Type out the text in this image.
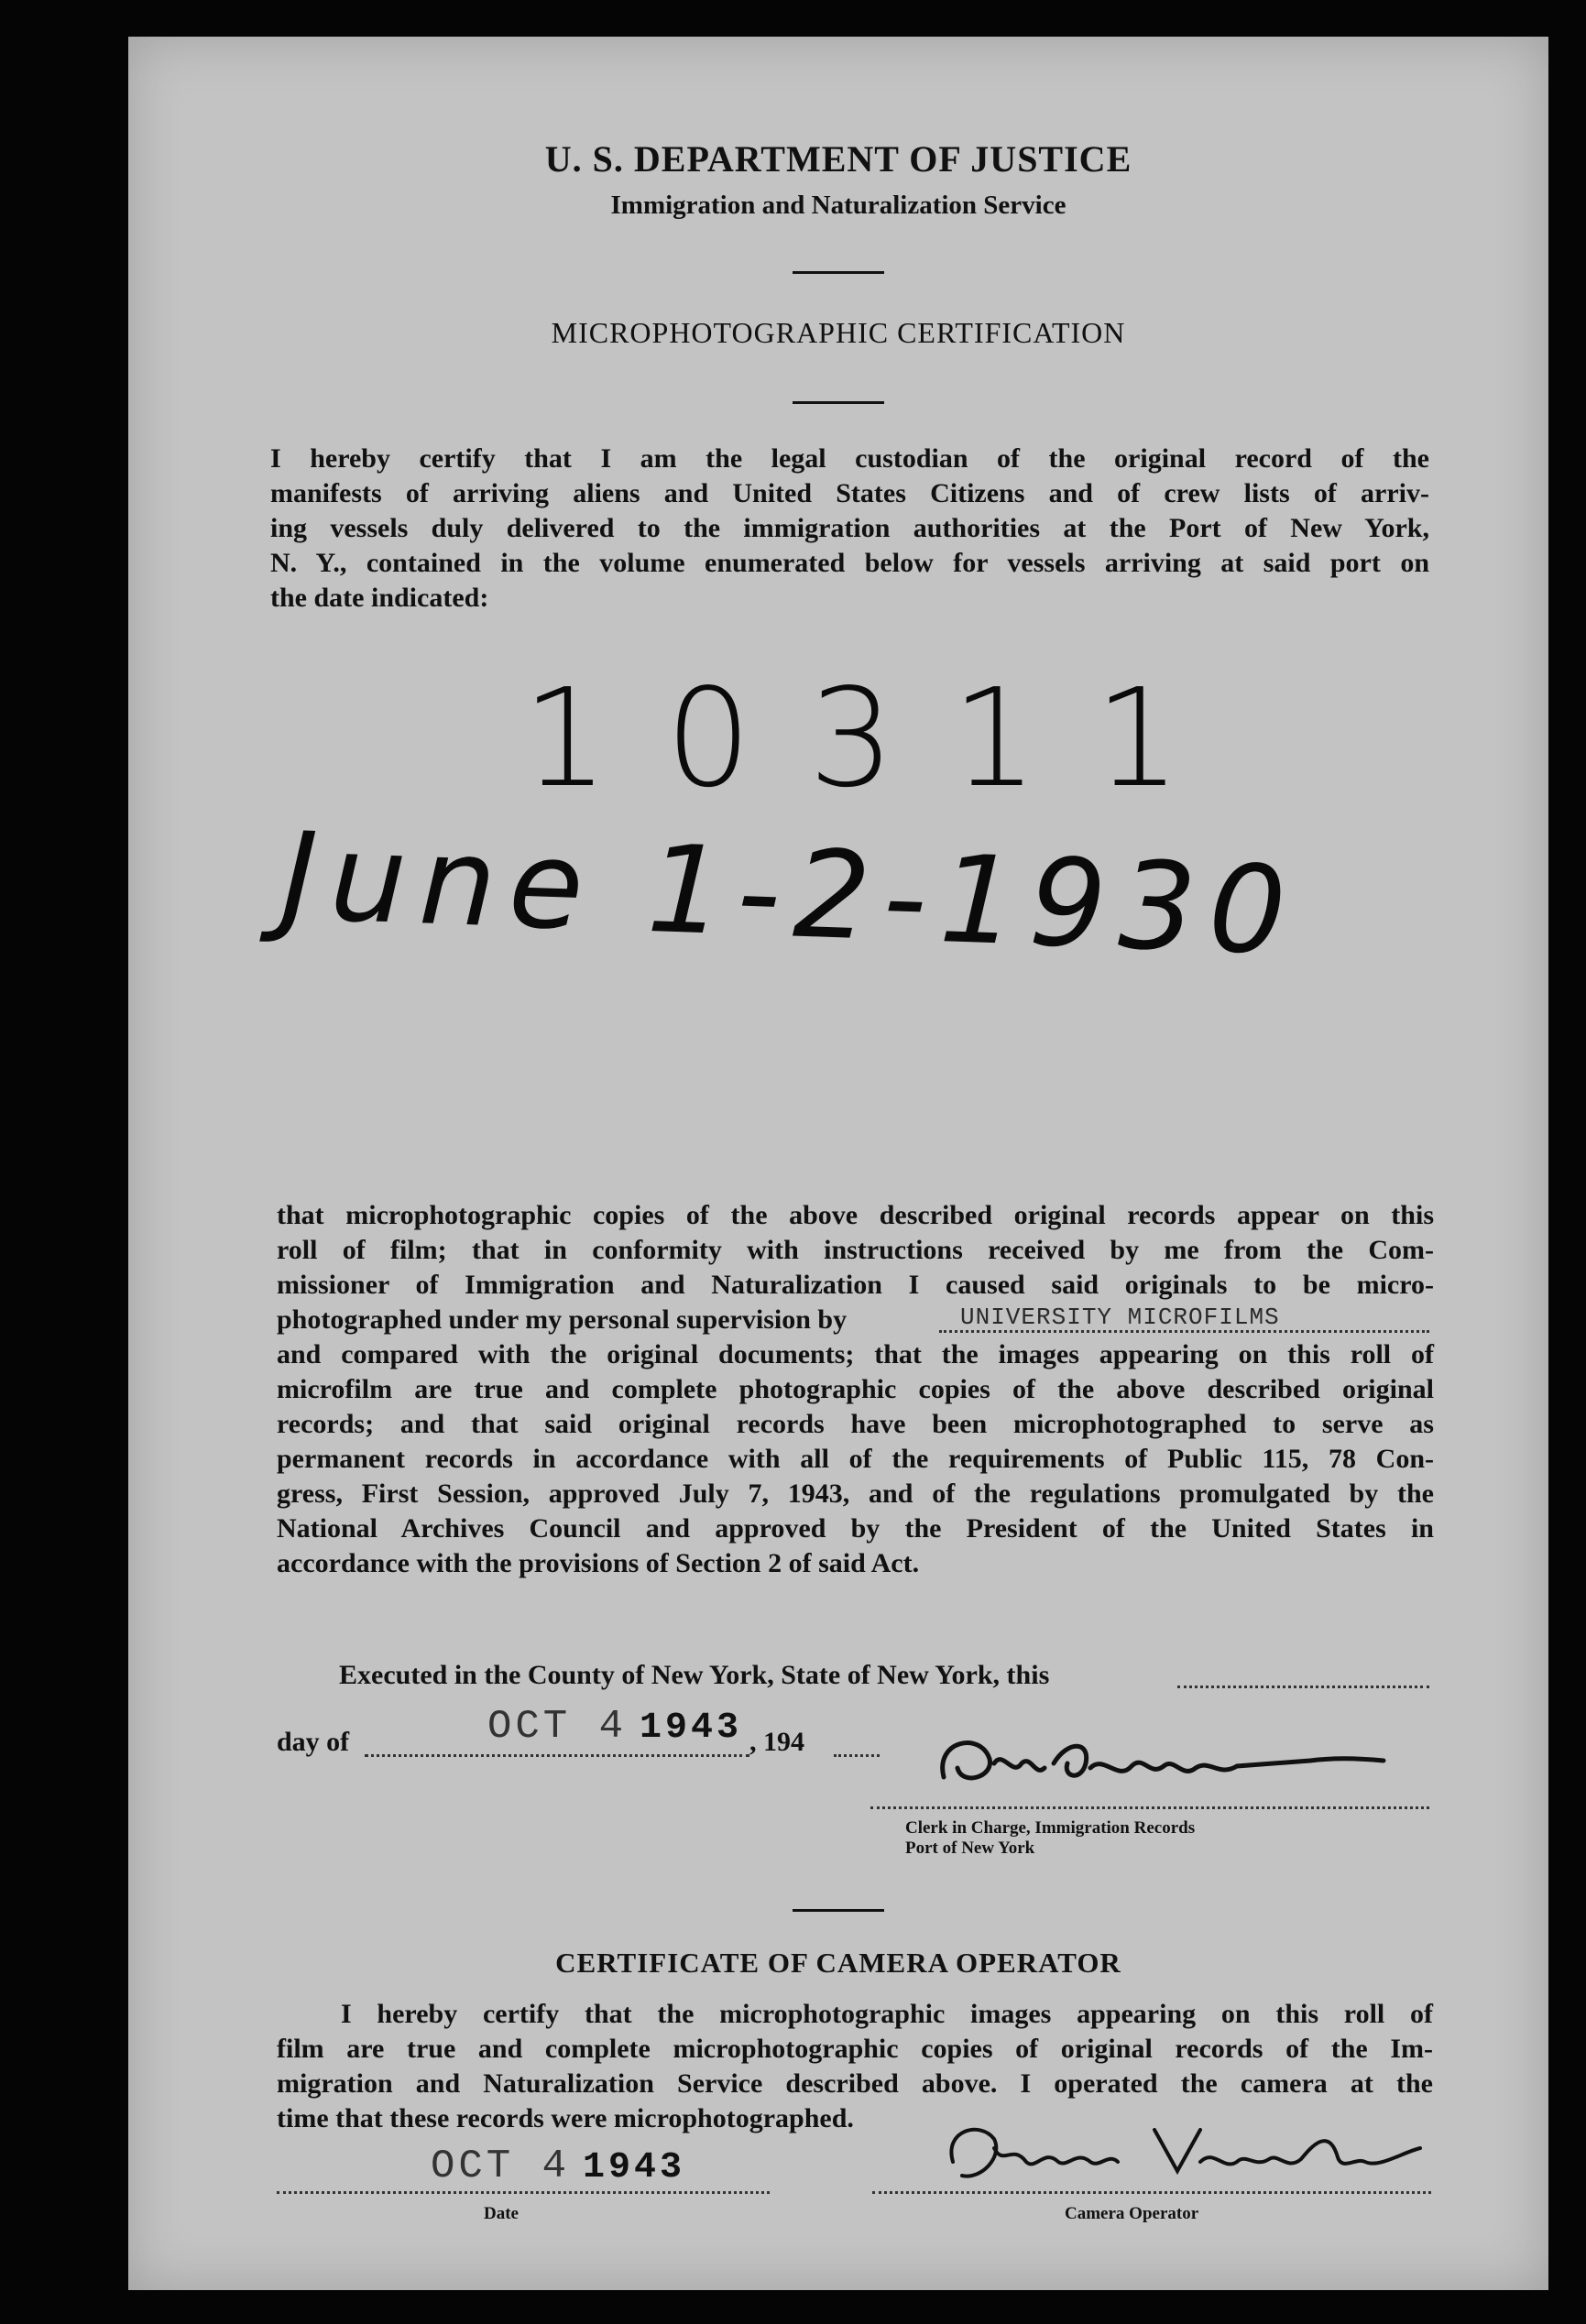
U. S. DEPARTMENT OF JUSTICE
Immigration and Naturalization Service
MICROPHOTOGRAPHIC CERTIFICATION
I hereby certify that I am the legal custodian of the original record of the
manifests of arriving aliens and United States Citizens and of crew lists of arriv-
ing vessels duly delivered to the immigration authorities at the Port of New York,
N. Y., contained in the volume enumerated below for vessels arriving at said port on
the date indicated:
10311
June 1-2-1930
that microphotographic copies of the above described original records appear on this
roll of film; that in conformity with instructions received by me from the Com-
missioner of Immigration and Naturalization I caused said originals to be micro-
photographed under my personal supervision by
and compared with the original documents; that the images appearing on this roll of
microfilm are true and complete photographic copies of the above described original
records; and that said original records have been microphotographed to serve as
permanent records in accordance with all of the requirements of Public 115, 78 Con-
gress, First Session, approved July 7, 1943, and of the regulations promulgated by the
National Archives Council and approved by the President of the United States in
accordance with the provisions of Section 2 of said Act.
UNIVERSITY MICROFILMS
Executed in the County of New York, State of New York, this
day of	OCT 4 1943 , 194
Clerk in Charge, Immigration Records
Port of New York
CERTIFICATE OF CAMERA OPERATOR
I hereby certify that the microphotographic images appearing on this roll of
film are true and complete microphotographic copies of original records of the Im-
migration and Naturalization Service described above. I operated the camera at the
time that these records were microphotographed.
OCT 4 1943
Date	Camera Operator
